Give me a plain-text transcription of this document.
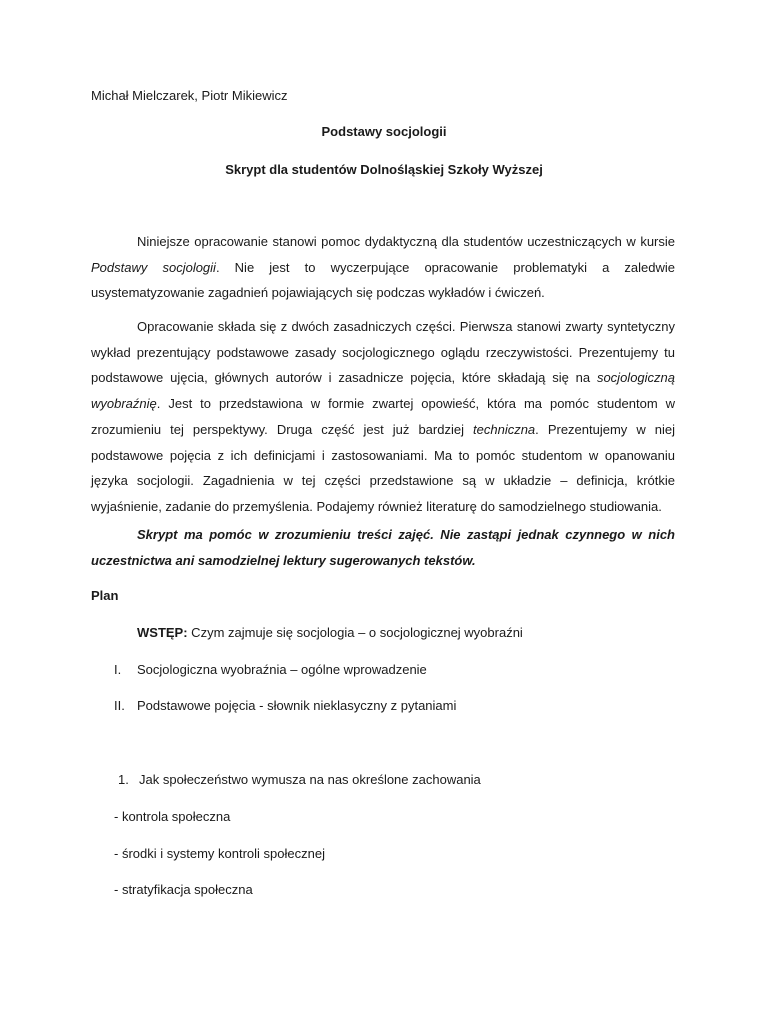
Michał Mielczarek, Piotr Mikiewicz
Podstawy socjologii
Skrypt dla studentów Dolnośląskiej Szkoły Wyższej

Niniejsze opracowanie stanowi pomoc dydaktyczną dla studentów uczestniczących w kursie Podstawy socjologii. Nie jest to wyczerpujące opracowanie problematyki a zaledwie usystematyzowanie zagadnień pojawiających się podczas wykładów i ćwiczeń.

Opracowanie składa się z dwóch zasadniczych części. Pierwsza stanowi zwarty syntetyczny wykład prezentujący podstawowe zasady socjologicznego oglądu rzeczywistości. Prezentujemy tu podstawowe ujęcia, głównych autorów i zasadnicze pojęcia, które składają się na socjologiczną wyobraźnię. Jest to przedstawiona w formie zwartej opowieść, która ma pomóc studentom w zrozumieniu tej perspektywy. Druga część jest już bardziej techniczna. Prezentujemy w niej podstawowe pojęcia z ich definicjami i zastosowaniami. Ma to pomóc studentom w opanowaniu języka socjologii. Zagadnienia w tej części przedstawione są w układzie – definicja, krótkie wyjaśnienie, zadanie do przemyślenia. Podajemy również literaturę do samodzielnego studiowania.

Skrypt ma pomóc w zrozumieniu treści zajęć. Nie zastąpi jednak czynnego w nich uczestnictwa ani samodzielnej lektury sugerowanych tekstów.

Plan
WSTĘP: Czym zajmuje się socjologia – o socjologicznej wyobraźni
I. Socjologiczna wyobraźnia – ogólne wprowadzenie
II. Podstawowe pojęcia - słownik nieklasyczny z pytaniami
1. Jak społeczeństwo wymusza na nas określone zachowania
- kontrola społeczna
- środki i systemy kontroli społecznej
- stratyfikacja społeczna
